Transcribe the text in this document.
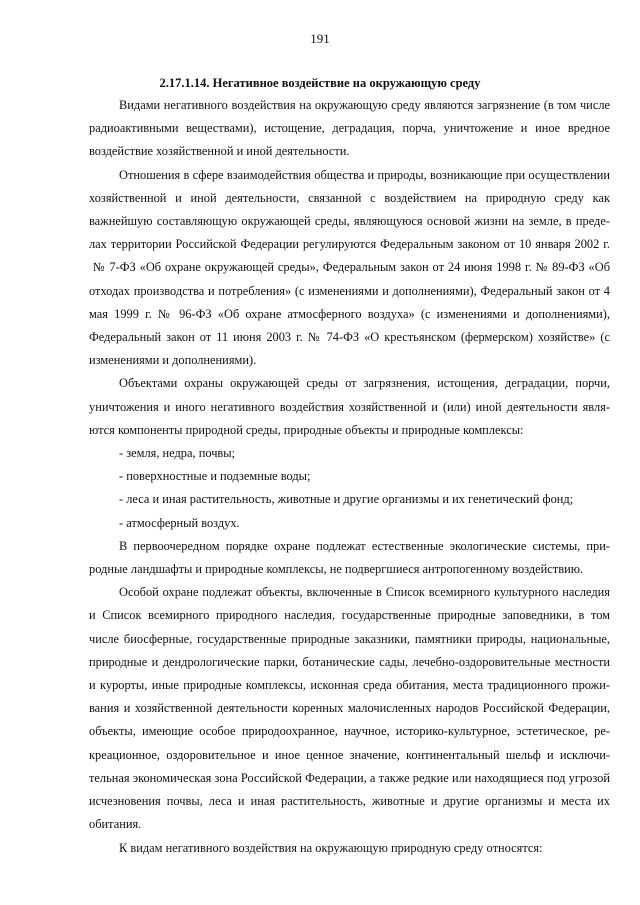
191
2.17.1.14. Негативное воздействие на окружающую среду

Видами негативного воздействия на окружающую среду являются загрязнение (в том числе радиоактивными веществами), истощение, деградация, порча, уничтожение и иное вредное воздействие хозяйственной и иной деятельности.

Отношения в сфере взаимодействия общества и природы, возникающие при осуществлении хозяйственной и иной деятельности, связанной с воздействием на природную среду как важнейшую составляющую окружающей среды, являющуюся основой жизни на земле, в пределах территории Российской Федерации регулируются Федеральным законом от 10 января 2002 г.  № 7-ФЗ «Об охране окружающей среды», Федеральным закон от 24 июня 1998 г. № 89-ФЗ «Об отходах производства и потребления» (с изменениями и дополнениями), Федеральный закон от 4 мая 1999 г. № 96-ФЗ «Об охране атмосферного воздуха» (с изменениями и дополнениями), Федеральный закон от 11 июня 2003 г. № 74-ФЗ «О крестьянском (фермерском) хозяйстве» (с изменениями и дополнениями).

Объектами охраны окружающей среды от загрязнения, истощения, деградации, порчи, уничтожения и иного негативного воздействия хозяйственной и (или) иной деятельности являются компоненты природной среды, природные объекты и природные комплексы:

- земля, недра, почвы;

- поверхностные и подземные воды;

- леса и иная растительность, животные и другие организмы и их генетический фонд;

- атмосферный воздух.

В первоочередном порядке охране подлежат естественные экологические системы, природные ландшафты и природные комплексы, не подвергшиеся антропогенному воздействию.

Особой охране подлежат объекты, включенные в Список всемирного культурного наследия и Список всемирного природного наследия, государственные природные заповедники, в том числе биосферные, государственные природные заказники, памятники природы, национальные, природные и дендрологические парки, ботанические сады, лечебно-оздоровительные местности и курорты, иные природные комплексы, исконная среда обитания, места традиционного проживания и хозяйственной деятельности коренных малочисленных народов Российской Федерации, объекты, имеющие особое природоохранное, научное, историко-культурное, эстетическое, рекреационное, оздоровительное и иное ценное значение, континентальный шельф и исключительная экономическая зона Российской Федерации, а также редкие или находящиеся под угрозой исчезновения почвы, леса и иная растительность, животные и другие организмы и места их обитания.

К видам негативного воздействия на окружающую природную среду относятся:
